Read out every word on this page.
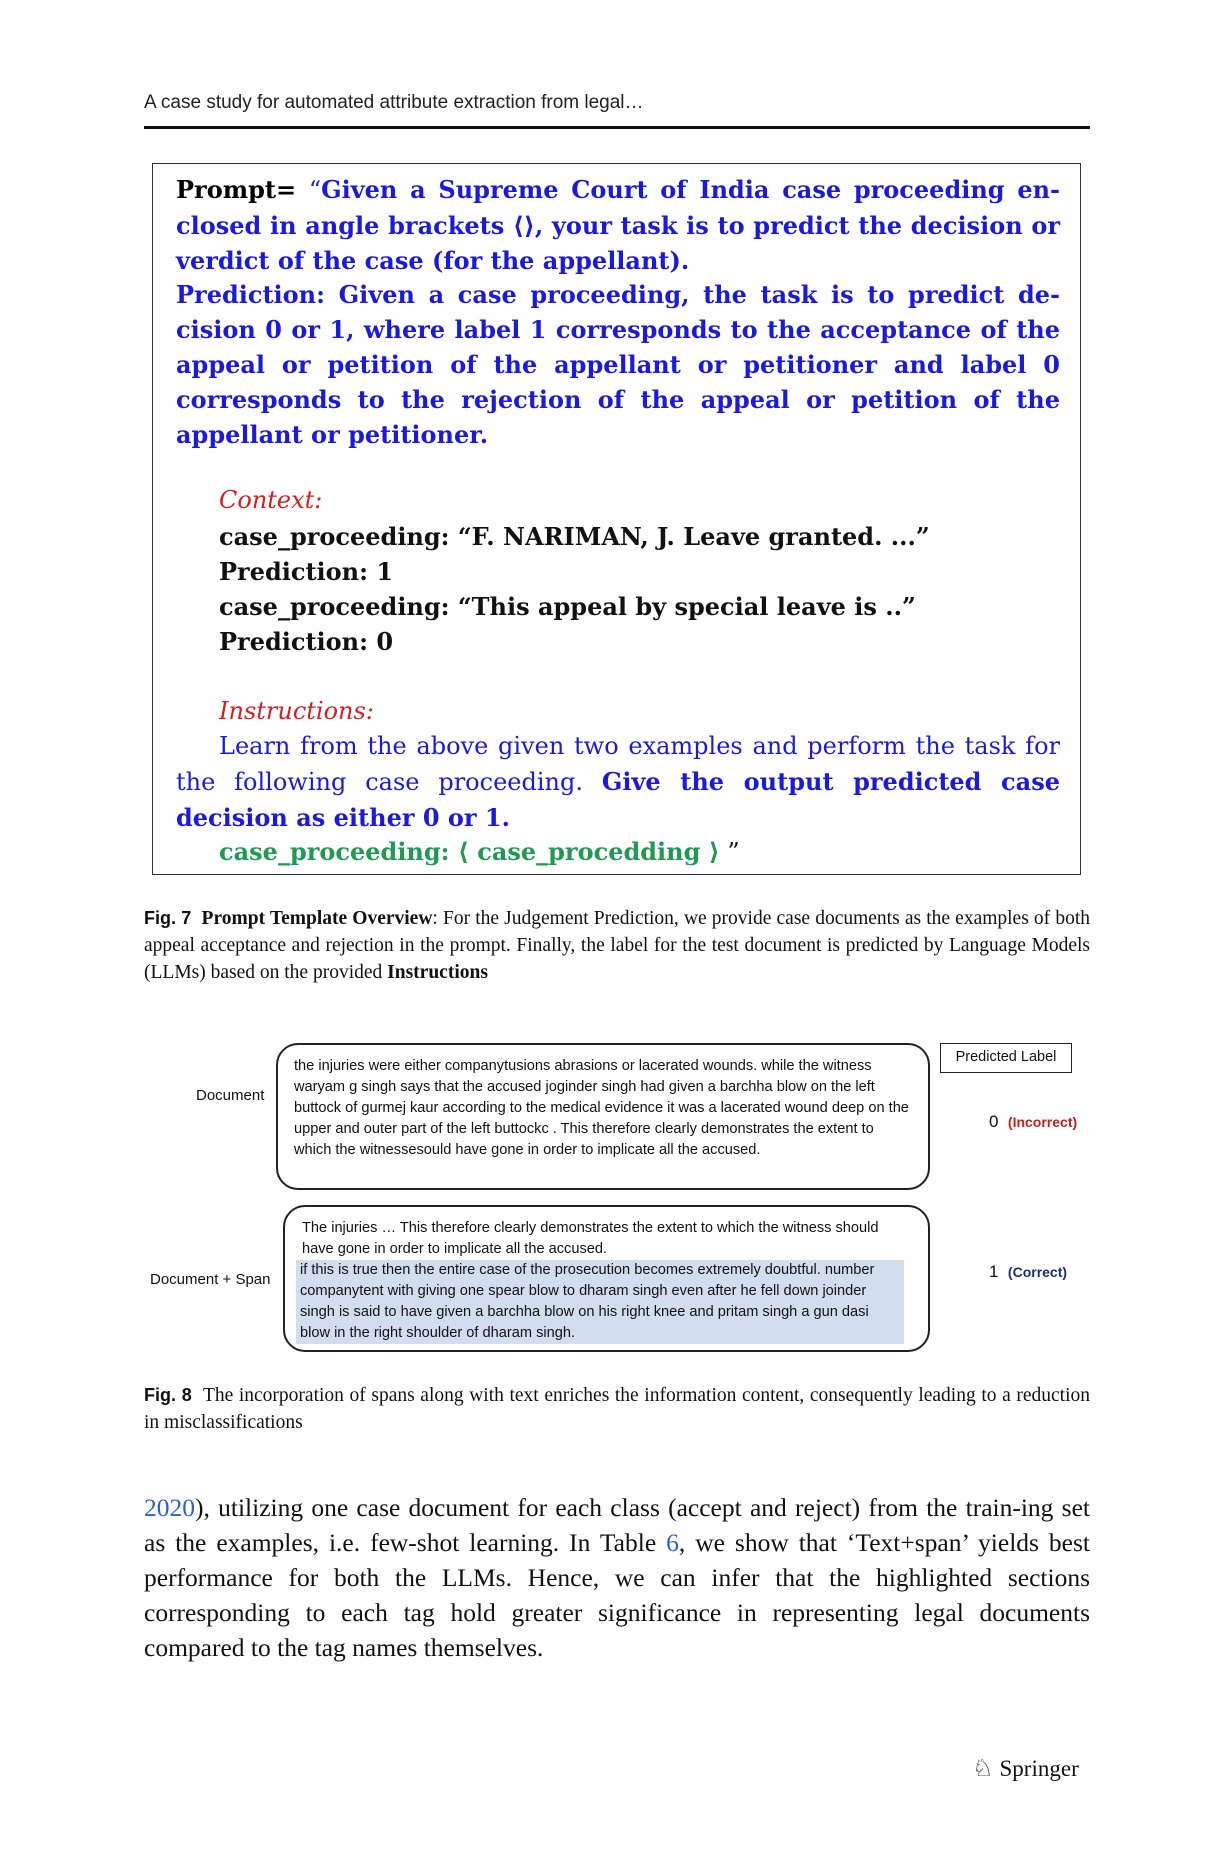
A case study for automated attribute extraction from legal…
Prompt= “Given a Supreme Court of India case proceeding en-closed in angle brackets ⟨⟩, your task is to predict the decision or verdict of the case (for the appellant).
Prediction: Given a case proceeding, the task is to predict de-cision 0 or 1, where label 1 corresponds to the acceptance of the appeal or petition of the appellant or petitioner and label 0 corresponds to the rejection of the appeal or petition of the appellant or petitioner.
Context:
case_proceeding: “F. NARIMAN, J. Leave granted. ...”
Prediction: 1
case_proceeding: “This appeal by special leave is ..”
Prediction: 0
Instructions:
Learn from the above given two examples and perform the task for the following case proceeding. Give the output predicted case decision as either 0 or 1.
case_proceeding: ⟨ case_procedding ⟩ ”
Fig. 7 Prompt Template Overview: For the Judgement Prediction, we provide case documents as the examples of both appeal acceptance and rejection in the prompt. Finally, the label for the test document is predicted by Language Models (LLMs) based on the provided Instructions
Document
the injuries were either companytusions abrasions or lacerated wounds. while the witness waryam g singh says that the accused joginder singh had given a barchha blow on the left buttock of gurmej kaur according to the medical evidence it was a lacerated wound deep on the upper and outer part of the left buttockc . This therefore clearly demonstrates the extent to which the witnessesould have gone in order to implicate all the accused.
Document + Span
The injuries … This therefore clearly demonstrates the extent to which the witness should have gone in order to implicate all the accused.
if this is true then the entire case of the prosecution becomes extremely doubtful. number companytent with giving one spear blow to dharam singh even after he fell down joinder singh is said to have given a barchha blow on his right knee and pritam singh a gun dasi blow in the right shoulder of dharam singh.
Predicted Label
0 (Incorrect)
1 (Correct)
Fig. 8 The incorporation of spans along with text enriches the information content, consequently leading to a reduction in misclassifications
2020), utilizing one case document for each class (accept and reject) from the train-ing set as the examples, i.e. few-shot learning. In Table 6, we show that ‘Text+span’ yields best performance for both the LLMs. Hence, we can infer that the highlighted sections corresponding to each tag hold greater significance in representing legal documents compared to the tag names themselves.
♘ Springer
